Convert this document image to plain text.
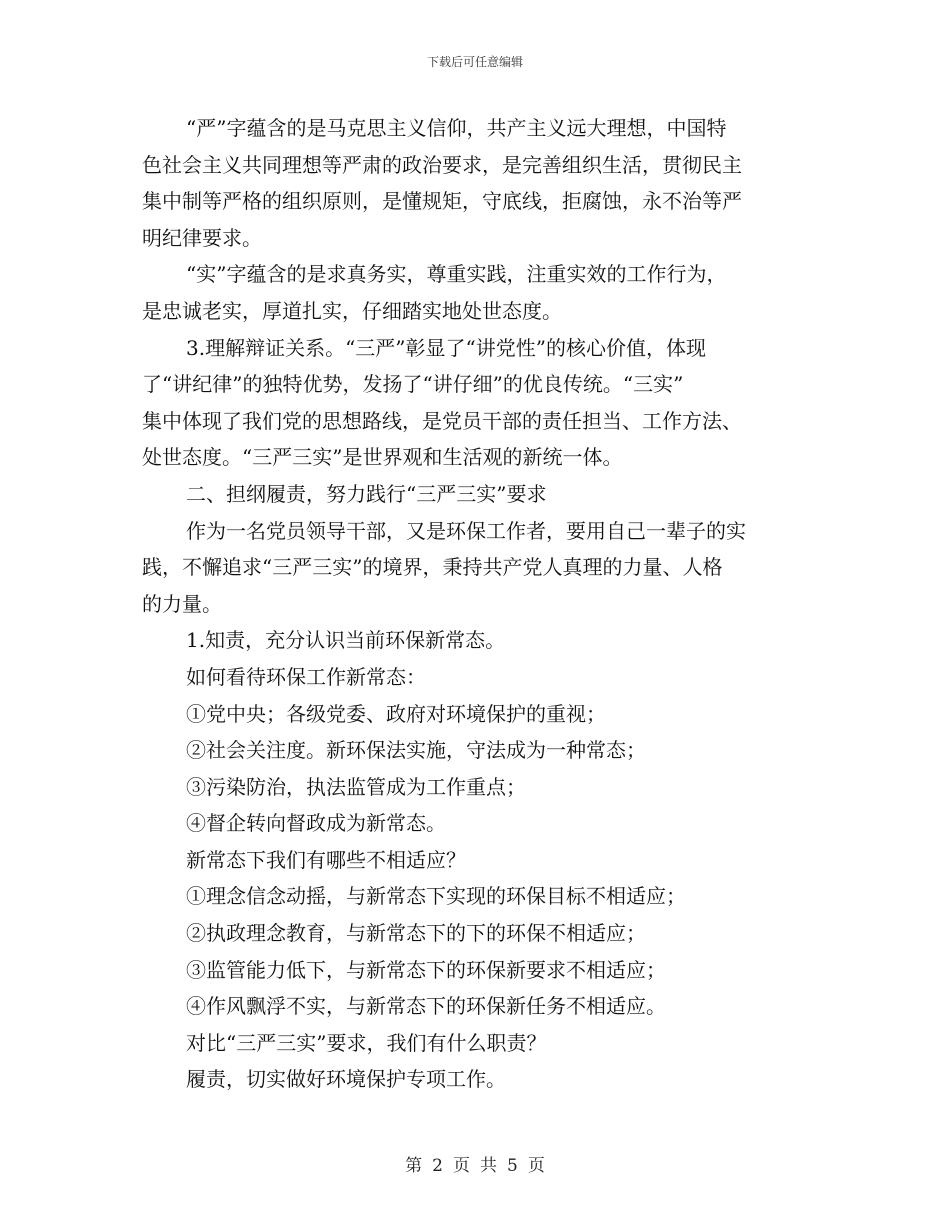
下载后可任意编辑
“严”字蕴含的是马克思主义信仰，共产主义远大理想，中国特
色社会主义共同理想等严肃的政治要求，是完善组织生活，贯彻民主
集中制等严格的组织原则，是懂规矩，守底线，拒腐蚀，永不治等严
明纪律要求。
“实”字蕴含的是求真务实，尊重实践，注重实效的工作行为，
是忠诚老实，厚道扎实，仔细踏实地处世态度。
3.理解辩证关系。“三严”彰显了“讲党性”的核心价值，体现
了“讲纪律”的独特优势，发扬了“讲仔细”的优良传统。“三实”
集中体现了我们党的思想路线，是党员干部的责任担当、工作方法、
处世态度。“三严三实”是世界观和生活观的新统一体。
二、担纲履责，努力践行“三严三实”要求
作为一名党员领导干部，又是环保工作者，要用自己一辈子的实
践，不懈追求“三严三实”的境界，秉持共产党人真理的力量、人格
的力量。
1.知责，充分认识当前环保新常态。
如何看待环保工作新常态：
①党中央；各级党委、政府对环境保护的重视；
②社会关注度。新环保法实施，守法成为一种常态；
③污染防治，执法监管成为工作重点；
④督企转向督政成为新常态。
新常态下我们有哪些不相适应？
①理念信念动摇，与新常态下实现的环保目标不相适应；
②执政理念教育，与新常态下的下的环保不相适应；
③监管能力低下，与新常态下的环保新要求不相适应；
④作风飘浮不实，与新常态下的环保新任务不相适应。
对比“三严三实”要求，我们有什么职责？
履责，切实做好环境保护专项工作。
第 2 页 共 5 页
